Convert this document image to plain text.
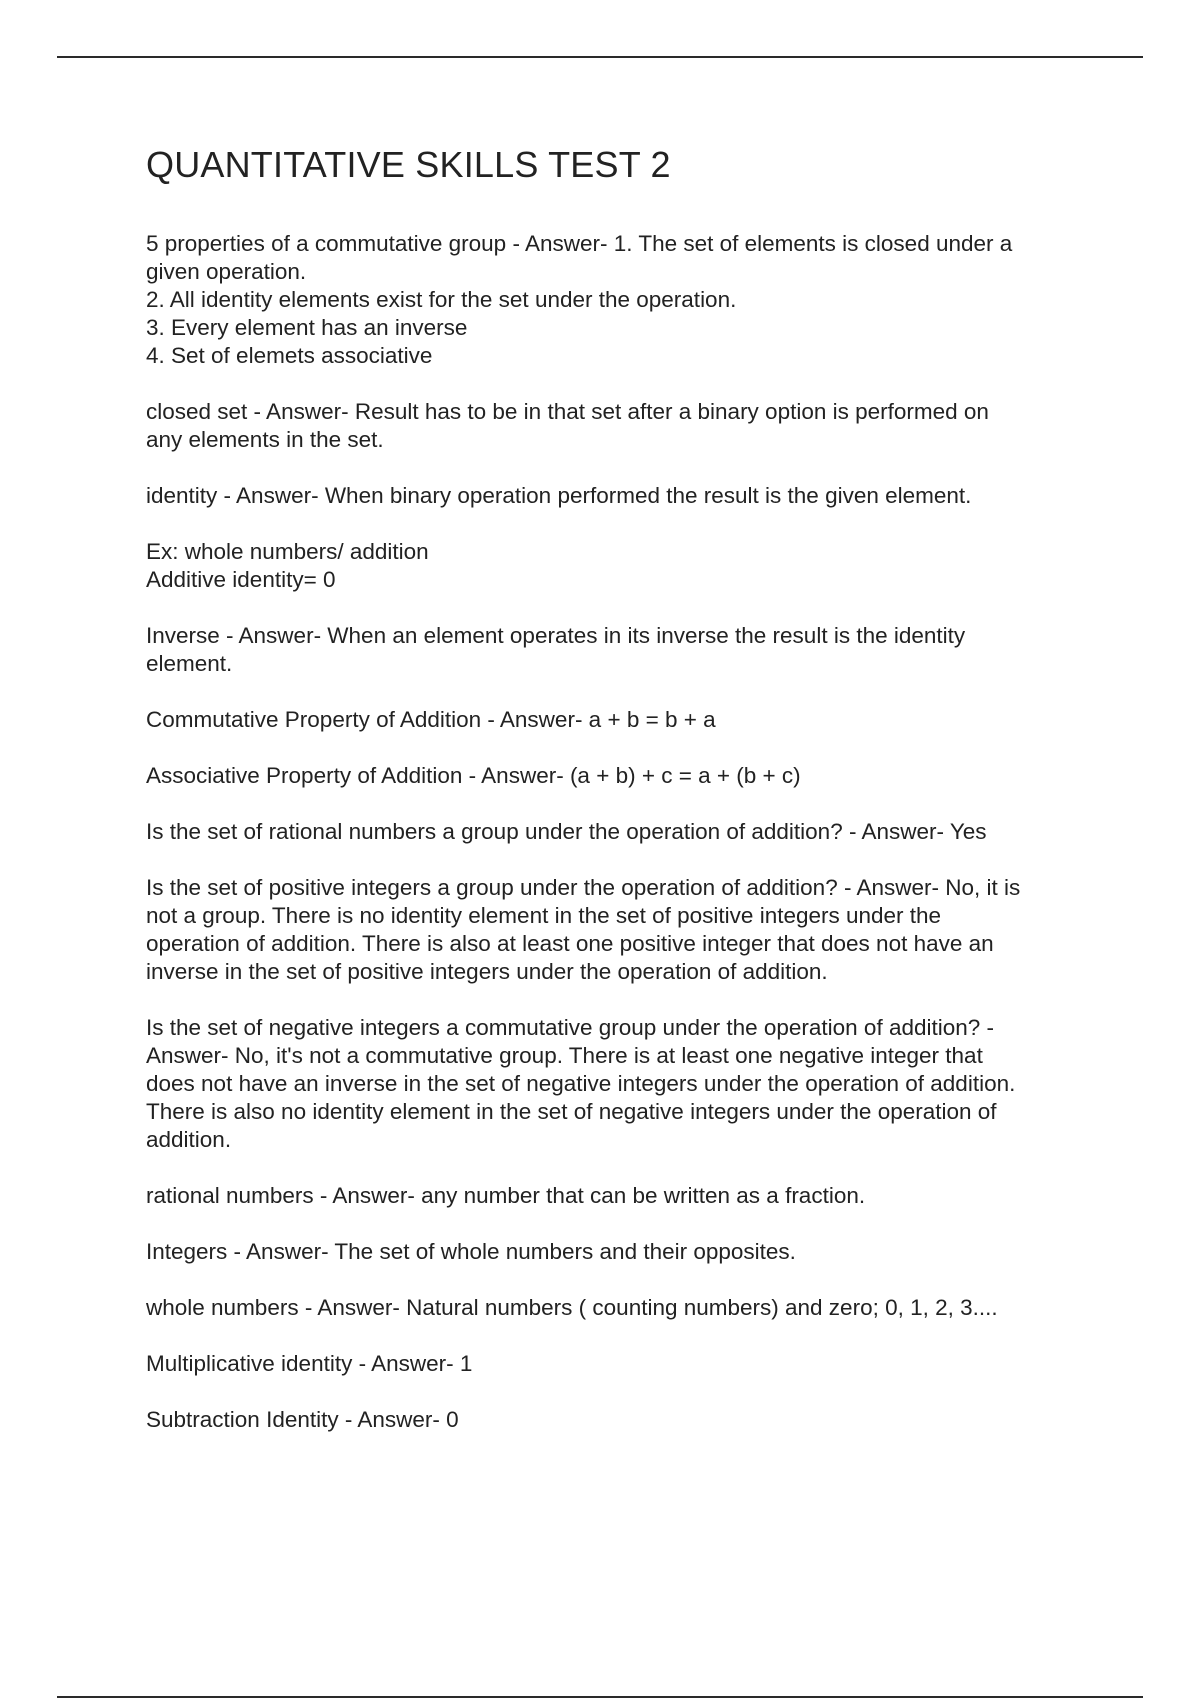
QUANTITATIVE SKILLS TEST 2

5 properties of a commutative group - Answer- 1. The set of elements is closed under a
given operation.
2. All identity elements exist for the set under the operation.
3. Every element has an inverse
4. Set of elemets associative

closed set - Answer- Result has to be in that set after a binary option is performed on
any elements in the set.

identity - Answer- When binary operation performed the result is the given element.

Ex: whole numbers/ addition
Additive identity= 0

Inverse - Answer- When an element operates in its inverse the result is the identity
element.

Commutative Property of Addition - Answer- a + b = b + a

Associative Property of Addition - Answer- (a + b) + c = a + (b + c)

Is the set of rational numbers a group under the operation of addition? - Answer- Yes

Is the set of positive integers a group under the operation of addition? - Answer- No, it is
not a group. There is no identity element in the set of positive integers under the
operation of addition. There is also at least one positive integer that does not have an
inverse in the set of positive integers under the operation of addition.

Is the set of negative integers a commutative group under the operation of addition? -
Answer- No, it's not a commutative group. There is at least one negative integer that
does not have an inverse in the set of negative integers under the operation of addition.
There is also no identity element in the set of negative integers under the operation of
addition.

rational numbers - Answer- any number that can be written as a fraction.

Integers - Answer- The set of whole numbers and their opposites.

whole numbers - Answer- Natural numbers ( counting numbers) and zero; 0, 1, 2, 3....

Multiplicative identity - Answer- 1

Subtraction Identity - Answer- 0
